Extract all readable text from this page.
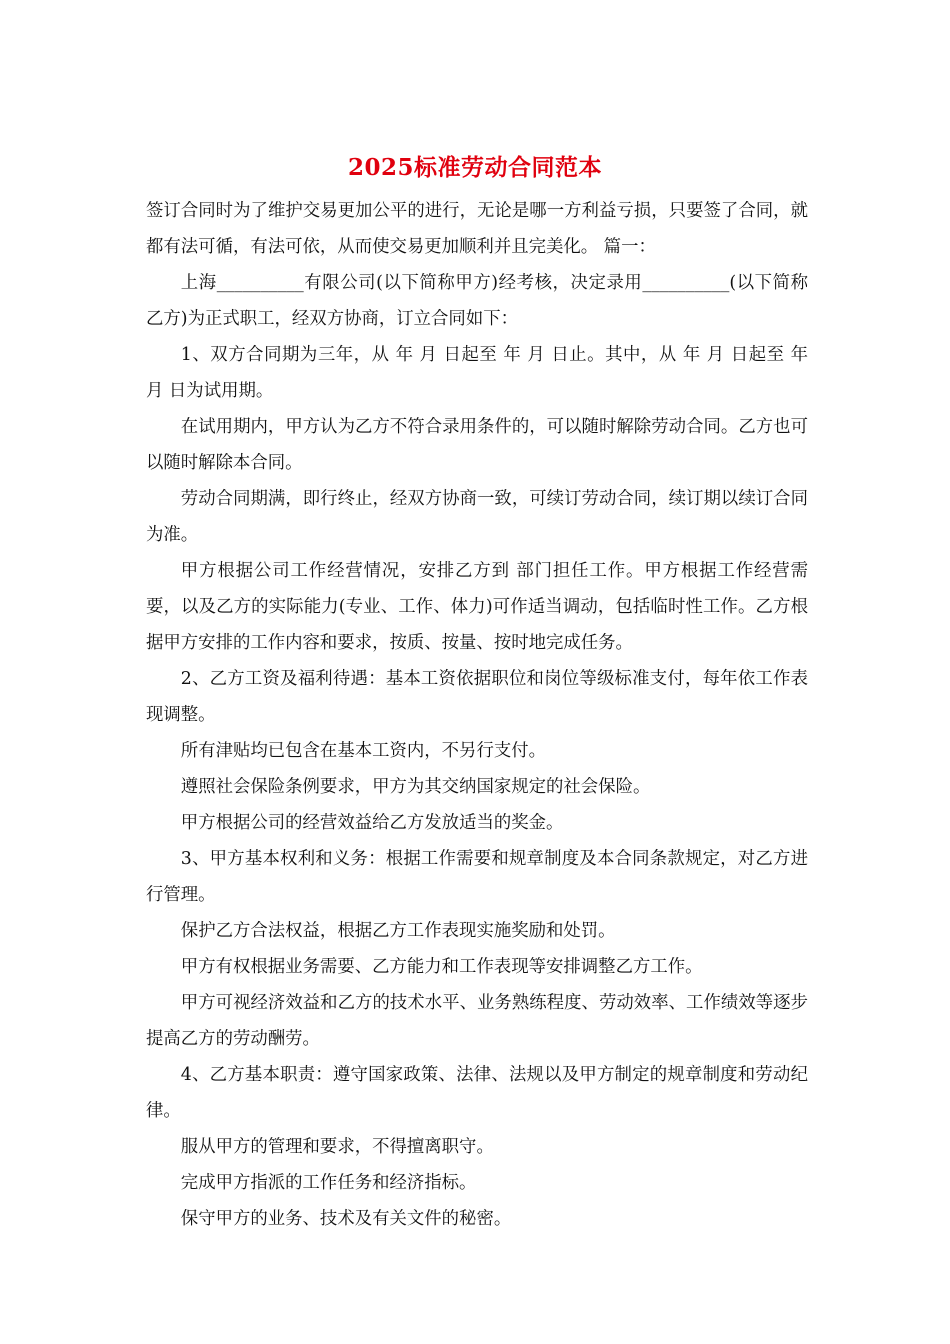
2025标准劳动合同范本

签订合同时为了维护交易更加公平的进行，无论是哪一方利益亏损，只要签了合同，就都有法可循，有法可依，从而使交易更加顺利并且完美化。 篇一：

上海__________有限公司(以下简称甲方)经考核，决定录用__________(以下简称乙方)为正式职工，经双方协商，订立合同如下：

1、双方合同期为三年，从 年 月 日起至 年 月 日止。其中，从 年 月 日起至 年 月 日为试用期。

在试用期内，甲方认为乙方不符合录用条件的，可以随时解除劳动合同。乙方也可以随时解除本合同。

劳动合同期满，即行终止，经双方协商一致，可续订劳动合同，续订期以续订合同为准。

甲方根据公司工作经营情况，安排乙方到 部门担任工作。甲方根据工作经营需要，以及乙方的实际能力(专业、工作、体力)可作适当调动，包括临时性工作。乙方根据甲方安排的工作内容和要求，按质、按量、按时地完成任务。

2、乙方工资及福利待遇：基本工资依据职位和岗位等级标准支付，每年依工作表现调整。

所有津贴均已包含在基本工资内，不另行支付。

遵照社会保险条例要求，甲方为其交纳国家规定的社会保险。

甲方根据公司的经营效益给乙方发放适当的奖金。

3、甲方基本权利和义务：根据工作需要和规章制度及本合同条款规定，对乙方进行管理。

保护乙方合法权益，根据乙方工作表现实施奖励和处罚。

甲方有权根据业务需要、乙方能力和工作表现等安排调整乙方工作。

甲方可视经济效益和乙方的技术水平、业务熟练程度、劳动效率、工作绩效等逐步提高乙方的劳动酬劳。

4、乙方基本职责：遵守国家政策、法律、法规以及甲方制定的规章制度和劳动纪律。

服从甲方的管理和要求，不得擅离职守。

完成甲方指派的工作任务和经济指标。

保守甲方的业务、技术及有关文件的秘密。
